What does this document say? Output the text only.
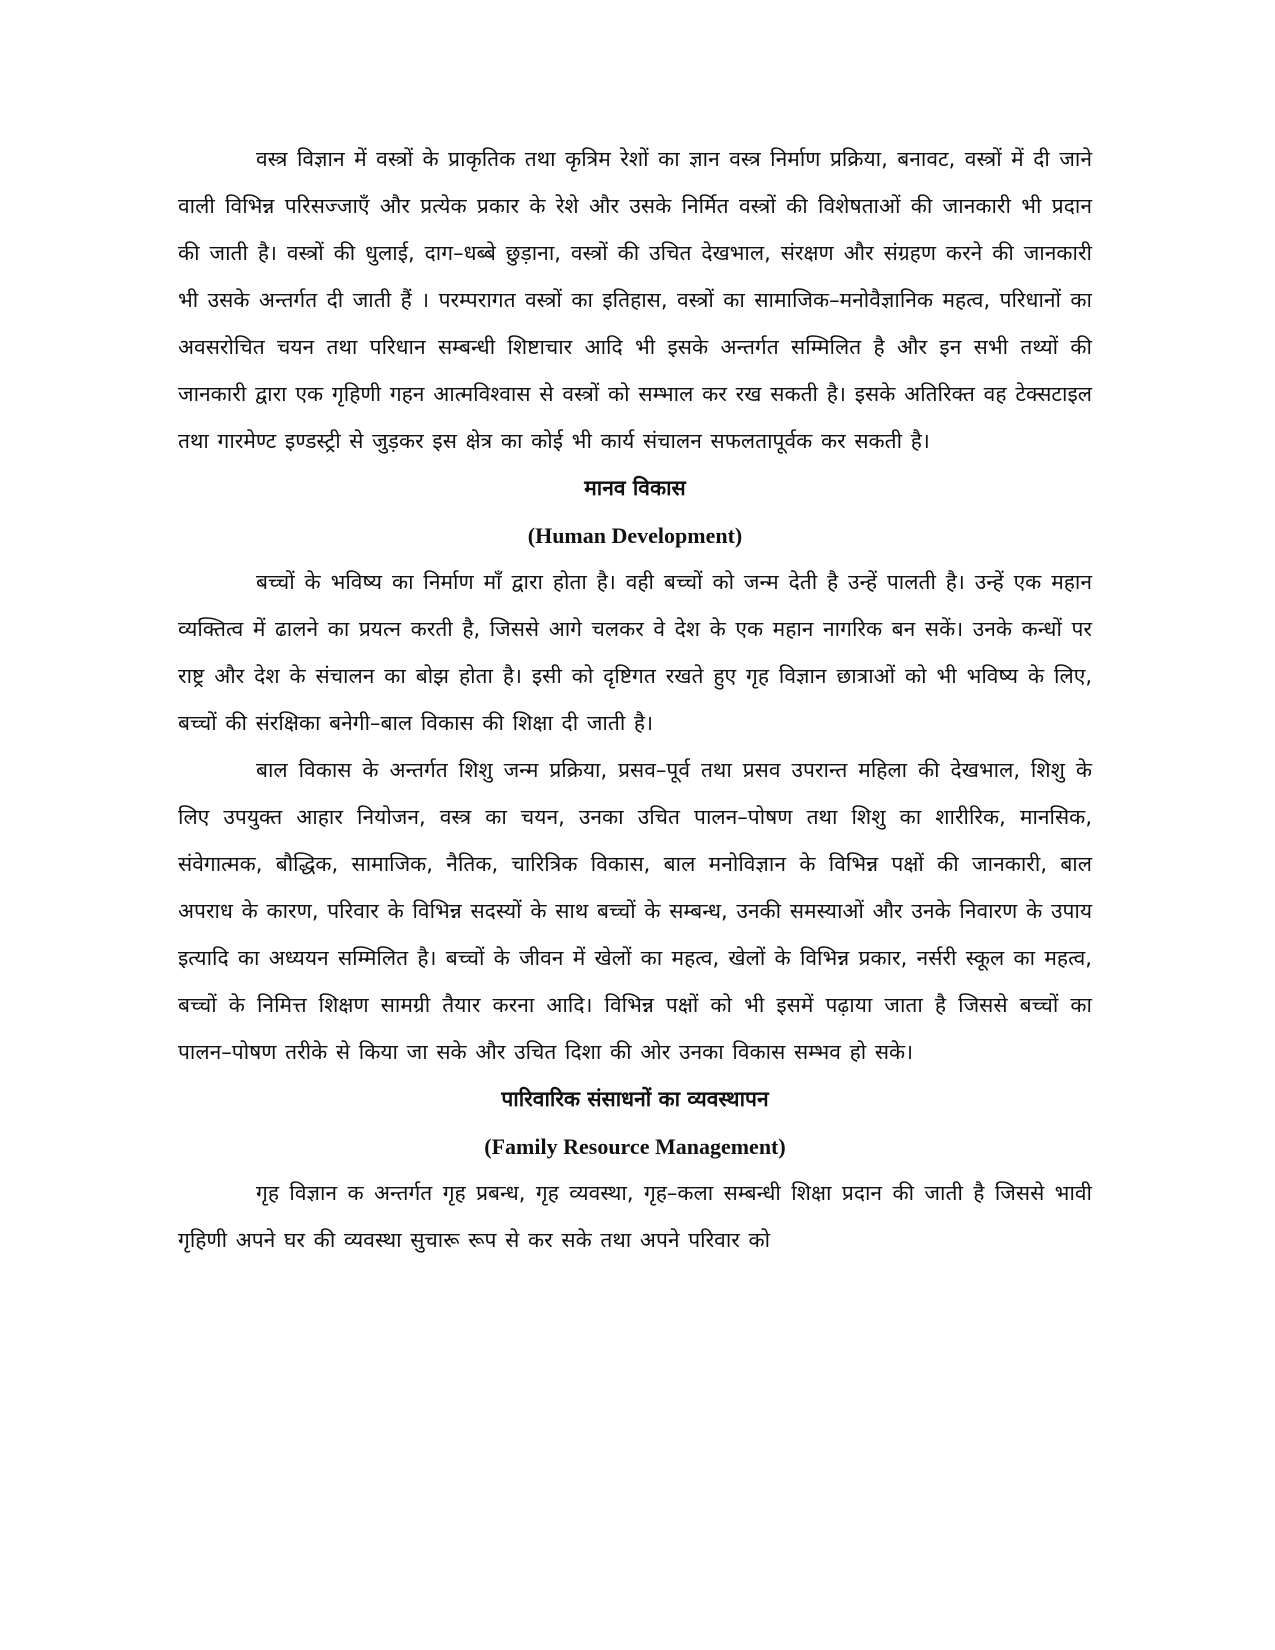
वस्त्र विज्ञान में वस्त्रों के प्राकृतिक तथा कृत्रिम रेशों का ज्ञान वस्त्र निर्माण प्रक्रिया, बनावट, वस्त्रों में दी जाने वाली विभिन्न परिसज्जाएँ और प्रत्येक प्रकार के रेशे और उसके निर्मित वस्त्रों की विशेषताओं की जानकारी भी प्रदान की जाती है। वस्त्रों की धुलाई, दाग–धब्बे छुड़ाना, वस्त्रों की उचित देखभाल, संरक्षण और संग्रहण करने की जानकारी भी उसके अन्तर्गत दी जाती हैं । परम्परागत वस्त्रों का इतिहास, वस्त्रों का सामाजिक–मनोवैज्ञानिक महत्व, परिधानों का अवसरोचित चयन तथा परिधान सम्बन्धी शिष्टाचार आदि भी इसके अन्तर्गत सम्मिलित है और इन सभी तथ्यों की जानकारी द्वारा एक गृहिणी गहन आत्मविश्वास से वस्त्रों को सम्भाल कर रख सकती है। इसके अतिरिक्त वह टेक्सटाइल तथा गारमेण्ट इण्डस्ट्री से जुड़कर इस क्षेत्र का कोई भी कार्य संचालन सफलतापूर्वक कर सकती है।

मानव विकास
(Human Development)

बच्चों के भविष्य का निर्माण माँ द्वारा होता है। वही बच्चों को जन्म देती है उन्हें पालती है। उन्हें एक महान व्यक्तित्व में ढालने का प्रयत्न करती है, जिससे आगे चलकर वे देश के एक महान नागरिक बन सकें। उनके कन्धों पर राष्ट्र और देश के संचालन का बोझ होता है। इसी को दृष्टिगत रखते हुए गृह विज्ञान छात्राओं को भी भविष्य के लिए, बच्चों की संरक्षिका बनेगी–बाल विकास की शिक्षा दी जाती है।

बाल विकास के अन्तर्गत शिशु जन्म प्रक्रिया, प्रसव–पूर्व तथा प्रसव उपरान्त महिला की देखभाल, शिशु के लिए उपयुक्त आहार नियोजन, वस्त्र का चयन, उनका उचित पालन–पोषण तथा शिशु का शारीरिक, मानसिक, संवेगात्मक, बौद्धिक, सामाजिक, नैतिक, चारित्रिक विकास, बाल मनोविज्ञान के विभिन्न पक्षों की जानकारी, बाल अपराध के कारण, परिवार के विभिन्न सदस्यों के साथ बच्चों के सम्बन्ध, उनकी समस्याओं और उनके निवारण के उपाय इत्यादि का अध्ययन सम्मिलित है। बच्चों के जीवन में खेलों का महत्व, खेलों के विभिन्न प्रकार, नर्सरी स्कूल का महत्व, बच्चों के निमित्त शिक्षण सामग्री तैयार करना आदि। विभिन्न पक्षों को भी इसमें पढ़ाया जाता है जिससे बच्चों का पालन–पोषण तरीके से किया जा सके और उचित दिशा की ओर उनका विकास सम्भव हो सके।

पारिवारिक संसाधनों का व्यवस्थापन
(Family Resource Management)

गृह विज्ञान क अन्तर्गत गृह प्रबन्ध, गृह व्यवस्था, गृह–कला सम्बन्धी शिक्षा प्रदान की जाती है जिससे भावी गृहिणी अपने घर की व्यवस्था सुचारू रूप से कर सके तथा अपने परिवार को
